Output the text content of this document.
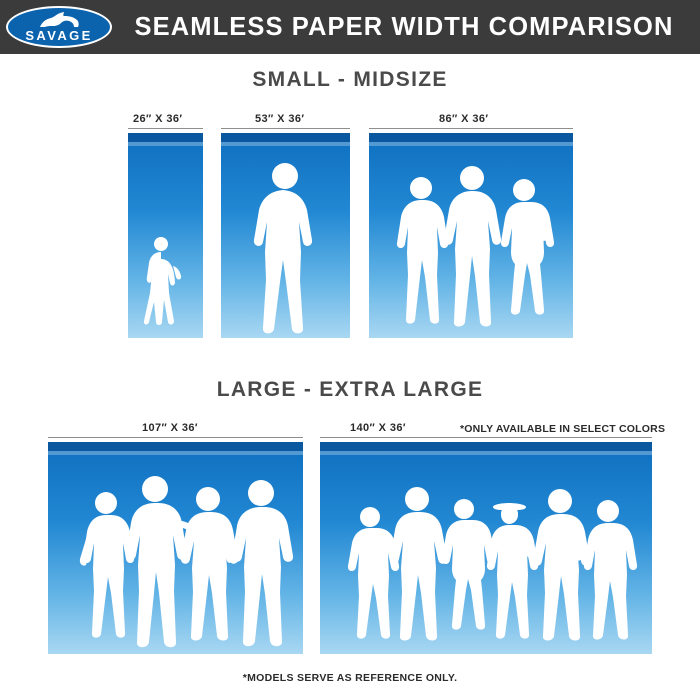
SAVAGE	SEAMLESS PAPER WIDTH COMPARISON
SMALL - MIDSIZE
26″ X 36′	53″ X 36′	86″ X 36′
LARGE - EXTRA LARGE
107″ X 36′	140″ X 36′	*ONLY AVAILABLE IN SELECT COLORS
*MODELS SERVE AS REFERENCE ONLY.
